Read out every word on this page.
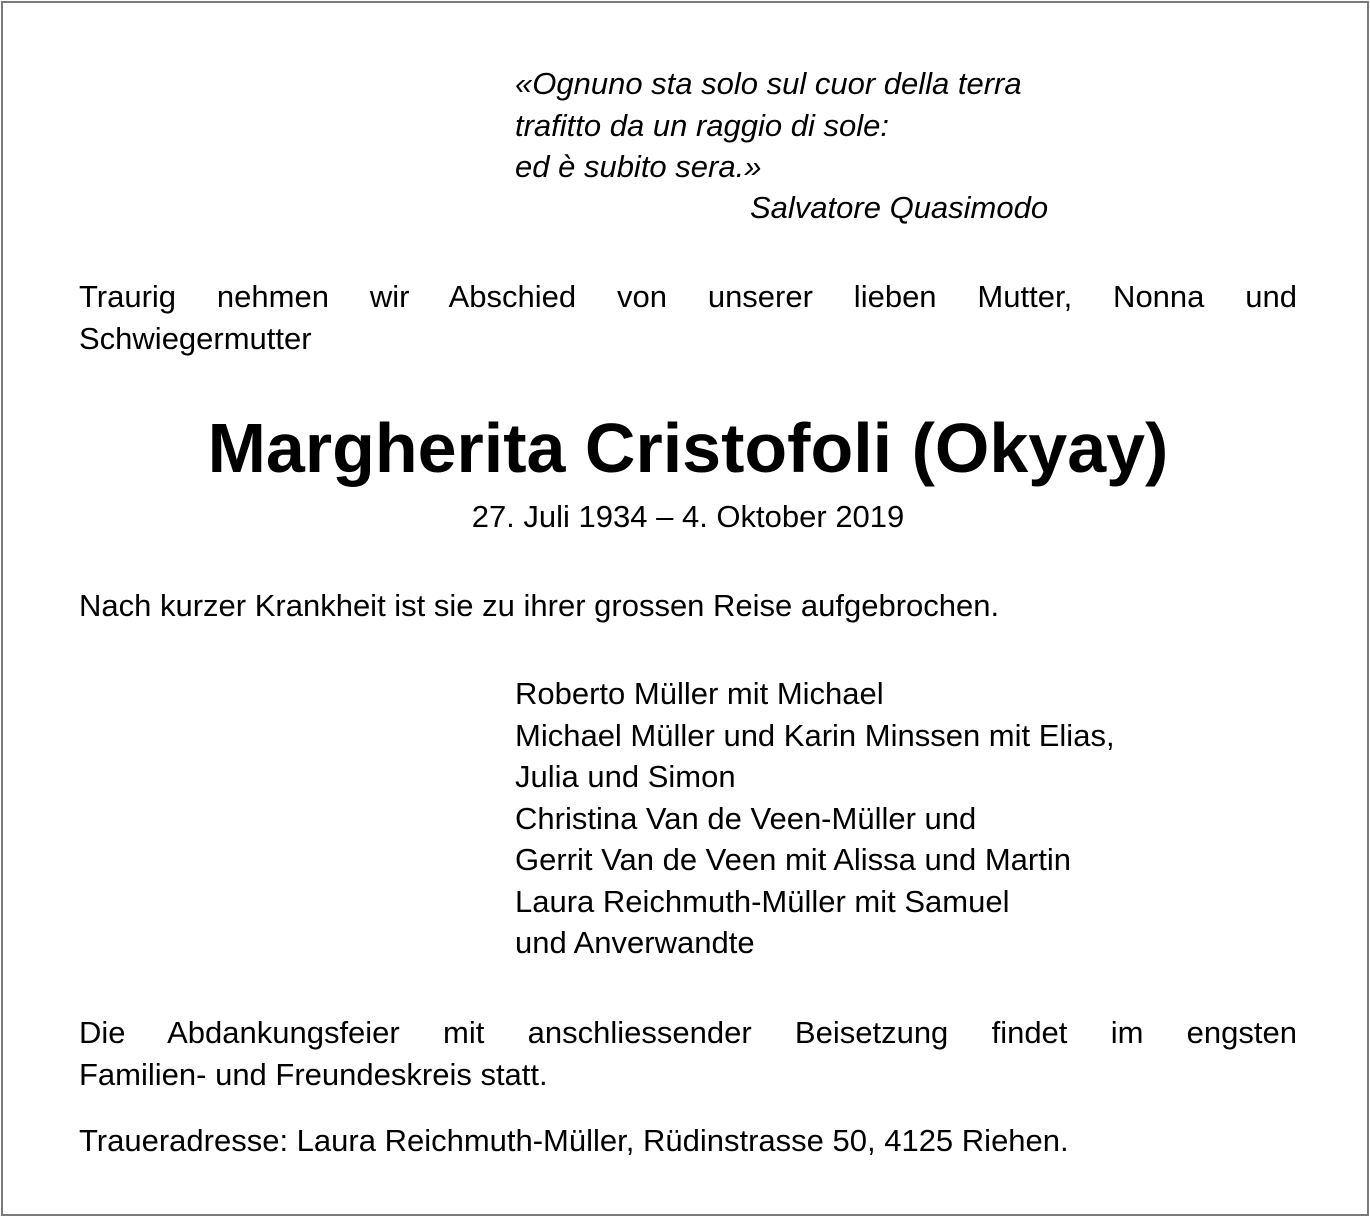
«Ognuno sta solo sul cuor della terra
trafitto da un raggio di sole:
ed è subito sera.»
Salvatore Quasimodo
Traurig nehmen wir Abschied von unserer lieben Mutter, Nonna und
Schwiegermutter
Margherita Cristofoli (Okyay)
27. Juli 1934 – 4. Oktober 2019
Nach kurzer Krankheit ist sie zu ihrer grossen Reise aufgebrochen.
Roberto Müller mit Michael
Michael Müller und Karin Minssen mit Elias,
Julia und Simon
Christina Van de Veen-Müller und
Gerrit Van de Veen mit Alissa und Martin
Laura Reichmuth-Müller mit Samuel
und Anverwandte
Die Abdankungsfeier mit anschliessender Beisetzung findet im engsten
Familien- und Freundeskreis statt.
Traueradresse: Laura Reichmuth-Müller, Rüdinstrasse 50, 4125 Riehen.
